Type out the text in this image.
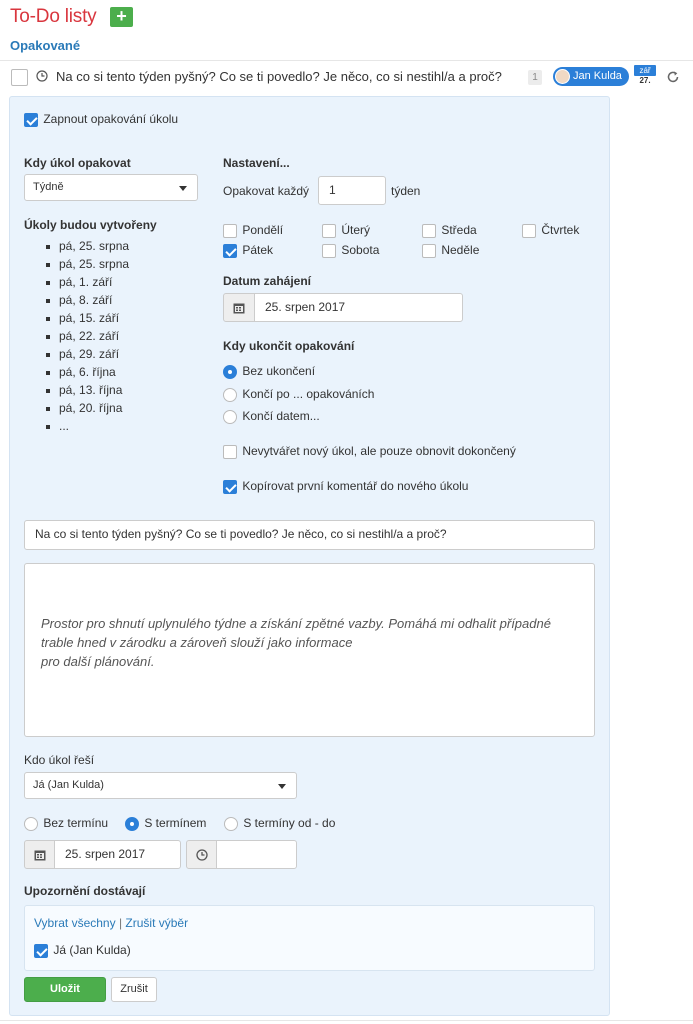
To-Do listy	+
Opakované
Na co si tento týden pyšný? Co se ti povedlo? Je něco, co si nestihl/a a proč?	1	Jan Kulda	zář
27.
Zapnout opakování úkolu
Kdy úkol opakovat
Týdně
Úkoly budou vytvořeny
pá, 25. srpna
pá, 25. srpna
pá, 1. září
pá, 8. září
pá, 15. září
pá, 22. září
pá, 29. září
pá, 6. října
pá, 13. října
pá, 20. října
...
Nastavení...
Opakovat každý	1	týden
Pondělí	Úterý	Středa	Čtvrtek
Pátek	Sobota	Neděle
Datum zahájení
25. srpen 2017
Kdy ukončit opakování
Bez ukončení
Končí po ... opakováních
Končí datem...
Nevytvářet nový úkol, ale pouze obnovit dokončený
Kopírovat první komentář do nového úkolu
Na co si tento týden pyšný? Co se ti povedlo? Je něco, co si nestihl/a a proč?
Prostor pro shnutí uplynulého týdne a získání zpětné vazby. Pomáhá mi odhalit případné
trable hned v zárodku a zároveň slouží jako informace
pro další plánování.
Kdo úkol řeší
Já (Jan Kulda)
Bez termínu	S termínem	S termíny od - do
25. srpen 2017
Upozornění dostávají
Vybrat všechny | Zrušit výběr
Já (Jan Kulda)
Uložit	Zrušit
